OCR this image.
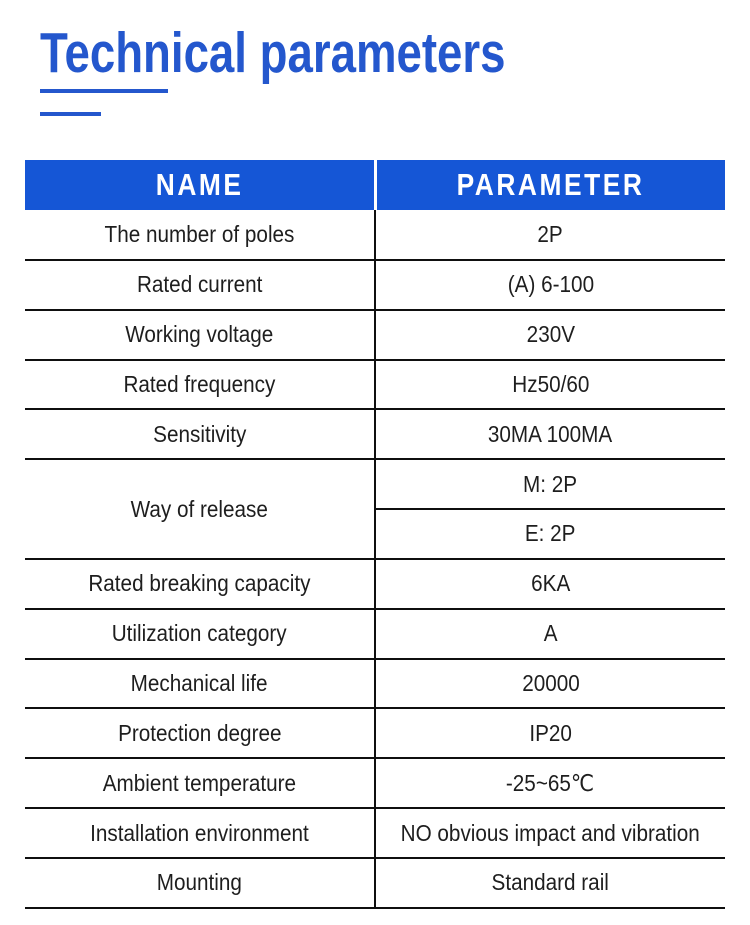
Technical parameters
NAME	PARAMETER
The number of poles	2P
Rated current	(A) 6-100
Working voltage	230V
Rated frequency	Hz50/60
Sensitivity	30MA 100MA
Way of release	M: 2P
	E: 2P
Rated breaking capacity	6KA
Utilization category	A
Mechanical life	20000
Protection degree	IP20
Ambient temperature	-25~65℃
Installation environment	NO obvious impact and vibration
Mounting	Standard rail
